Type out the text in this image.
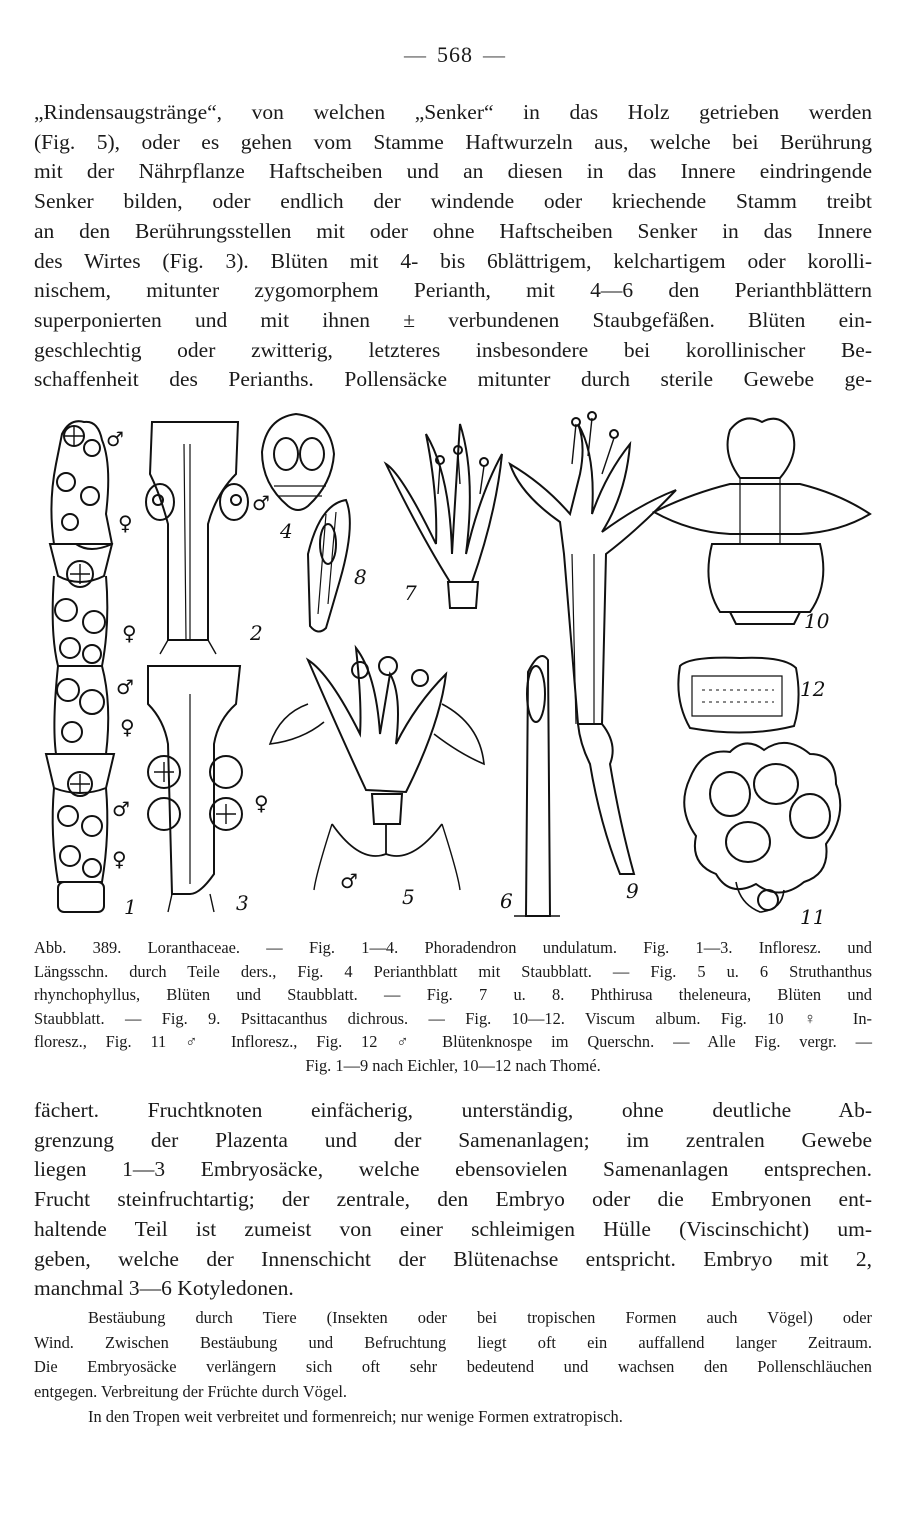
— 568 —
„Rindensaugstränge“, von welchen „Senker“ in das Holz getrieben werden
(Fig. 5), oder es gehen vom Stamme Haftwurzeln aus, welche bei Berührung
mit der Nährpflanze Haftscheiben und an diesen in das Innere eindringende
Senker bilden, oder endlich der windende oder kriechende Stamm treibt
an den Berührungsstellen mit oder ohne Haftscheiben Senker in das Innere
des Wirtes (Fig. 3). Blüten mit 4- bis 6blättrigem, kelchartigem oder korolli-
nischem, mitunter zygomorphem Perianth, mit 4—6 den Perianthblättern
superponierten und mit ihnen ± verbundenen Staubgefäßen. Blüten ein-
geschlechtig oder zwitterig, letzteres insbesondere bei korollinischer Be-
schaffenheit des Perianths. Pollensäcke mitunter durch sterile Gewebe ge-
1
2
3
4
5	6
7
8
9
10
11
12
♂
♀
♀
♂
♀
♂
♀
♂
♀
♂
Abb. 389. Loranthaceae. — Fig. 1—4. Phoradendron undulatum. Fig. 1—3. Infloresz. und
Längsschn. durch Teile ders., Fig. 4 Perianthblatt mit Staubblatt. — Fig. 5 u. 6 Struthanthus
rhynchophyllus, Blüten und Staubblatt. — Fig. 7 u. 8. Phthirusa theleneura, Blüten und
Staubblatt. — Fig. 9. Psittacanthus dichrous. — Fig. 10—12. Viscum album. Fig. 10 ♀ In-
floresz., Fig. 11 ♂ Infloresz., Fig. 12 ♂ Blütenknospe im Querschn. — Alle Fig. vergr. —
Fig. 1—9 nach Eichler, 10—12 nach Thomé.
fächert. Fruchtknoten einfächerig, unterständig, ohne deutliche Ab-
grenzung der Plazenta und der Samenanlagen; im zentralen Gewebe
liegen 1—3 Embryosäcke, welche ebensovielen Samenanlagen entsprechen.
Frucht steinfruchtartig; der zentrale, den Embryo oder die Embryonen ent-
haltende Teil ist zumeist von einer schleimigen Hülle (Viscinschicht) um-
geben, welche der Innenschicht der Blütenachse entspricht. Embryo mit 2,
manchmal 3—6 Kotyledonen.
Bestäubung durch Tiere (Insekten oder bei tropischen Formen auch Vögel) oder
Wind. Zwischen Bestäubung und Befruchtung liegt oft ein auffallend langer Zeitraum.
Die Embryosäcke verlängern sich oft sehr bedeutend und wachsen den Pollenschläuchen
entgegen. Verbreitung der Früchte durch Vögel.
In den Tropen weit verbreitet und formenreich; nur wenige Formen extratropisch.
